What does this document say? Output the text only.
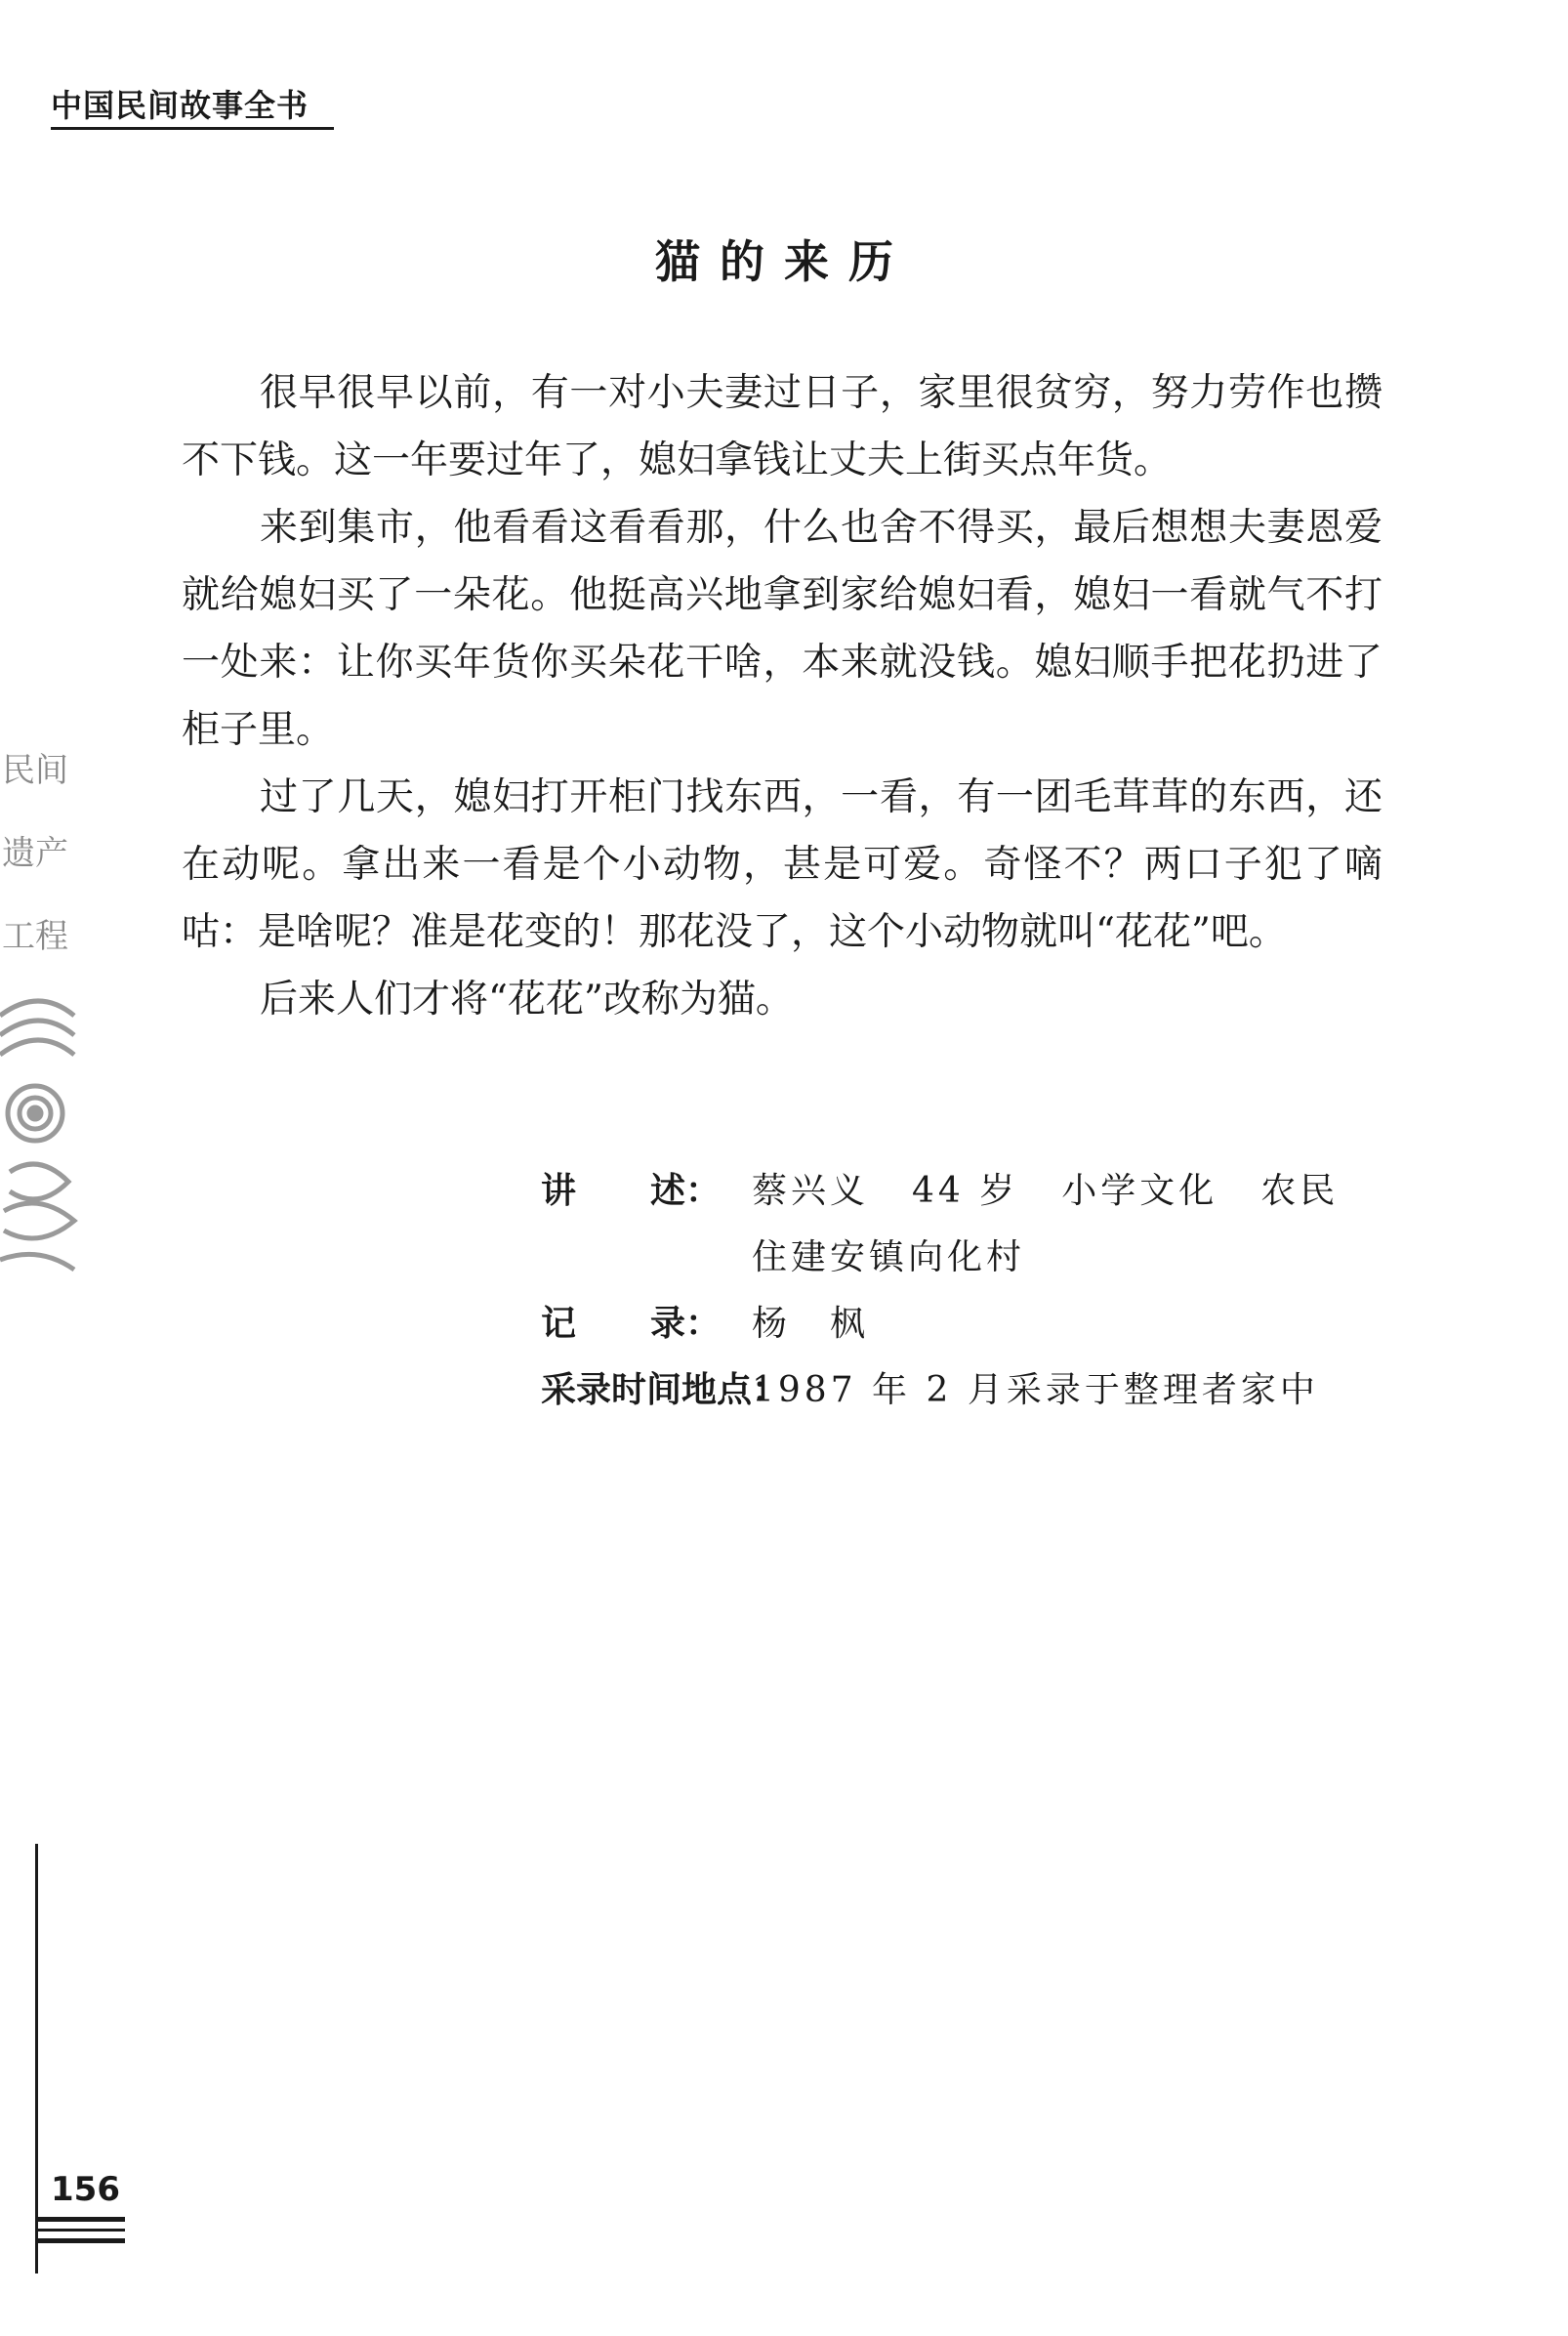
中国民间故事全书
猫的来历

很早很早以前，有一对小夫妻过日子，家里很贫穷，努力劳作也攒不下钱。这一年要过年了，媳妇拿钱让丈夫上街买点年货。

来到集市，他看看这看看那，什么也舍不得买，最后想想夫妻恩爱就给媳妇买了一朵花。他挺高兴地拿到家给媳妇看，媳妇一看就气不打一处来：让你买年货你买朵花干啥，本来就没钱。媳妇顺手把花扔进了柜子里。

过了几天，媳妇打开柜门找东西，一看，有一团毛茸茸的东西，还在动呢。拿出来一看是个小动物，甚是可爱。奇怪不？两口子犯了嘀咕：是啥呢？准是花变的！那花没了，这个小动物就叫“花花”吧。

后来人们才将“花花”改称为猫。

讲 述： 蔡兴义 44 岁 小学文化 农民
住建安镇向化村
记 录： 杨　枫
采录时间地点：
1987 年 2 月采录于整理者家中
民间
遗产
工程
156
